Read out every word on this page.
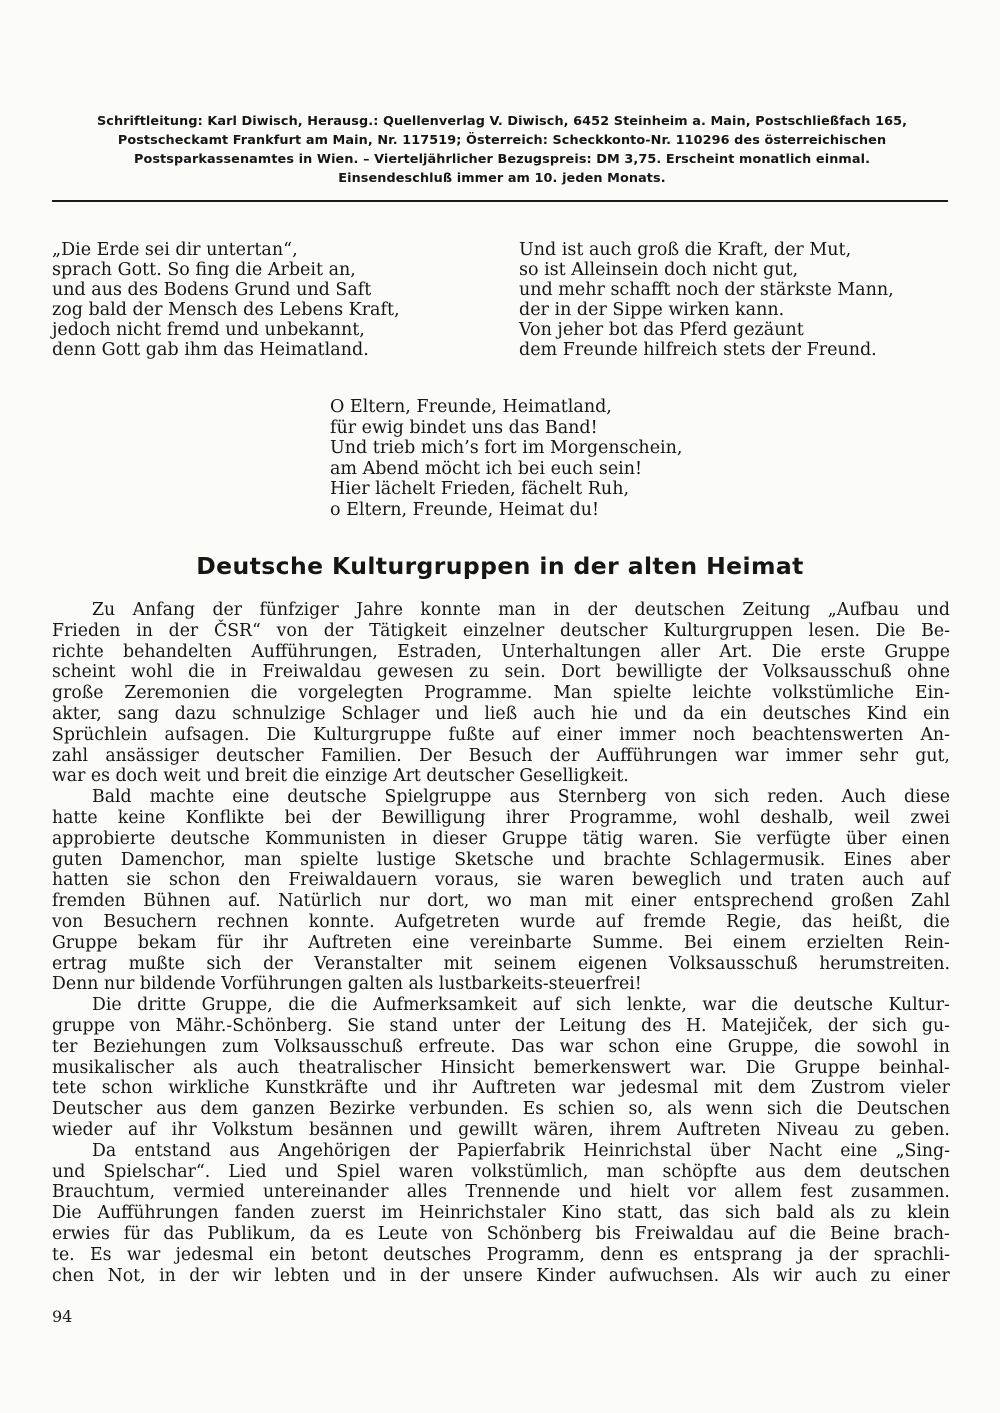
Schriftleitung: Karl Diwisch, Herausg.: Quellenverlag V. Diwisch, 6452 Steinheim a. Main, Postschließfach 165,
Postscheckamt Frankfurt am Main, Nr. 117519; Österreich: Scheckkonto-Nr. 110296 des österreichischen
Postsparkassenamtes in Wien. – Vierteljährlicher Bezugspreis: DM 3,75. Erscheint monatlich einmal.
Einsendeschluß immer am 10. jeden Monats.
„Die Erde sei dir untertan“,
sprach Gott. So fing die Arbeit an,
und aus des Bodens Grund und Saft
zog bald der Mensch des Lebens Kraft,
jedoch nicht fremd und unbekannt,
denn Gott gab ihm das Heimatland.
Und ist auch groß die Kraft, der Mut,
so ist Alleinsein doch nicht gut,
und mehr schafft noch der stärkste Mann,
der in der Sippe wirken kann.
Von jeher bot das Pferd gezäunt
dem Freunde hilfreich stets der Freund.
O Eltern, Freunde, Heimatland,
für ewig bindet uns das Band!
Und trieb mich’s fort im Morgenschein,
am Abend möcht ich bei euch sein!
Hier lächelt Frieden, fächelt Ruh,
o Eltern, Freunde, Heimat du!
Deutsche Kulturgruppen in der alten Heimat
Zu Anfang der fünfziger Jahre konnte man in der deutschen Zeitung „Aufbau und
Frieden in der ČSR“ von der Tätigkeit einzelner deutscher Kulturgruppen lesen. Die Be-
richte behandelten Aufführungen, Estraden, Unterhaltungen aller Art. Die erste Gruppe
scheint wohl die in Freiwaldau gewesen zu sein. Dort bewilligte der Volksausschuß ohne
große Zeremonien die vorgelegten Programme. Man spielte leichte volkstümliche Ein-
akter, sang dazu schnulzige Schlager und ließ auch hie und da ein deutsches Kind ein
Sprüchlein aufsagen. Die Kulturgruppe fußte auf einer immer noch beachtenswerten An-
zahl ansässiger deutscher Familien. Der Besuch der Aufführungen war immer sehr gut,
war es doch weit und breit die einzige Art deutscher Geselligkeit.
Bald machte eine deutsche Spielgruppe aus Sternberg von sich reden. Auch diese
hatte keine Konflikte bei der Bewilligung ihrer Programme, wohl deshalb, weil zwei
approbierte deutsche Kommunisten in dieser Gruppe tätig waren. Sie verfügte über einen
guten Damenchor, man spielte lustige Sketsche und brachte Schlagermusik. Eines aber
hatten sie schon den Freiwaldauern voraus, sie waren beweglich und traten auch auf
fremden Bühnen auf. Natürlich nur dort, wo man mit einer entsprechend großen Zahl
von Besuchern rechnen konnte. Aufgetreten wurde auf fremde Regie, das heißt, die
Gruppe bekam für ihr Auftreten eine vereinbarte Summe. Bei einem erzielten Rein-
ertrag mußte sich der Veranstalter mit seinem eigenen Volksausschuß herumstreiten.
Denn nur bildende Vorführungen galten als lustbarkeits-steuerfrei!
Die dritte Gruppe, die die Aufmerksamkeit auf sich lenkte, war die deutsche Kultur-
gruppe von Mähr.-Schönberg. Sie stand unter der Leitung des H. Matejiček, der sich gu-
ter Beziehungen zum Volksausschuß erfreute. Das war schon eine Gruppe, die sowohl in
musikalischer als auch theatralischer Hinsicht bemerkenswert war. Die Gruppe beinhal-
tete schon wirkliche Kunstkräfte und ihr Auftreten war jedesmal mit dem Zustrom vieler
Deutscher aus dem ganzen Bezirke verbunden. Es schien so, als wenn sich die Deutschen
wieder auf ihr Volkstum besännen und gewillt wären, ihrem Auftreten Niveau zu geben.
Da entstand aus Angehörigen der Papierfabrik Heinrichstal über Nacht eine „Sing-
und Spielschar“. Lied und Spiel waren volkstümlich, man schöpfte aus dem deutschen
Brauchtum, vermied untereinander alles Trennende und hielt vor allem fest zusammen.
Die Aufführungen fanden zuerst im Heinrichstaler Kino statt, das sich bald als zu klein
erwies für das Publikum, da es Leute von Schönberg bis Freiwaldau auf die Beine brach-
te. Es war jedesmal ein betont deutsches Programm, denn es entsprang ja der sprachli-
chen Not, in der wir lebten und in der unsere Kinder aufwuchsen. Als wir auch zu einer
94
